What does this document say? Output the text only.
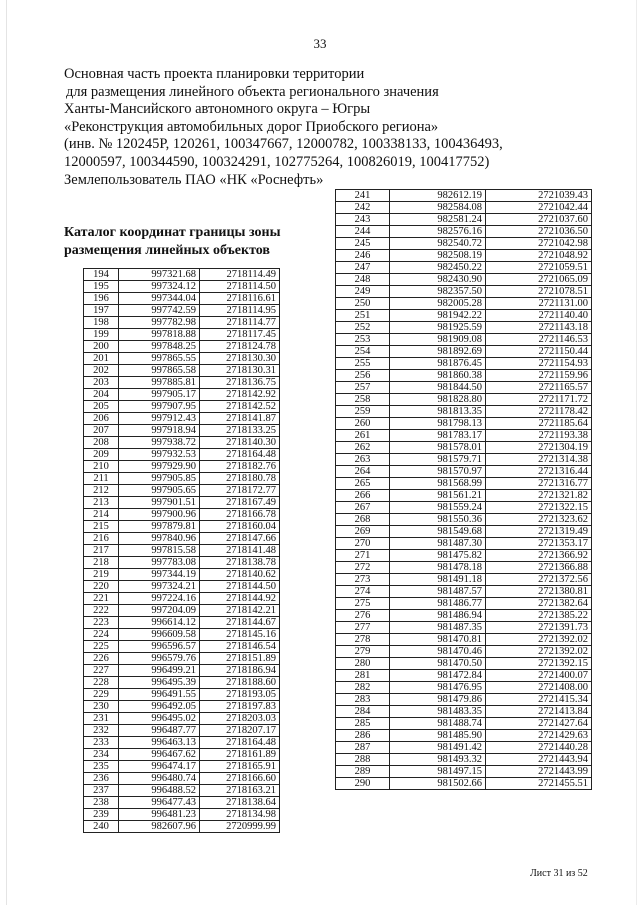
33
Основная часть проекта планировки территории
для размещения линейного объекта регионального значения
Ханты-Мансийского автономного округа – Югры
«Реконструкция автомобильных дорог Приобского региона»
(инв. № 120245Р, 120261, 100347667, 12000782, 100338133, 100436493,
12000597, 100344590, 100324291, 102775264, 100826019, 100417752)
Землепользователь ПАО «НК «Роснефть»
Каталог координат границы зоны
размещения линейных объектов
194	997321.68	2718114.49
195	997324.12	2718114.50
196	997344.04	2718116.61
197	997742.59	2718114.95
198	997782.98	2718114.77
199	997818.88	2718117.45
200	997848.25	2718124.78
201	997865.55	2718130.30
202	997865.58	2718130.31
203	997885.81	2718136.75
204	997905.17	2718142.92
205	997907.95	2718142.52
206	997912.43	2718141.87
207	997918.94	2718133.25
208	997938.72	2718140.30
209	997932.53	2718164.48
210	997929.90	2718182.76
211	997905.85	2718180.78
212	997905.65	2718172.77
213	997901.51	2718167.49
214	997900.96	2718166.78
215	997879.81	2718160.04
216	997840.96	2718147.66
217	997815.58	2718141.48
218	997783.08	2718138.78
219	997344.19	2718140.62
220	997324.21	2718144.50
221	997224.16	2718144.92
222	997204.09	2718142.21
223	996614.12	2718144.67
224	996609.58	2718145.16
225	996596.57	2718146.54
226	996579.76	2718151.89
227	996499.21	2718186.94
228	996495.39	2718188.60
229	996491.55	2718193.05
230	996492.05	2718197.83
231	996495.02	2718203.03
232	996487.77	2718207.17
233	996463.13	2718164.48
234	996467.62	2718161.89
235	996474.17	2718165.91
236	996480.74	2718166.60
237	996488.52	2718163.21
238	996477.43	2718138.64
239	996481.23	2718134.98
240	982607.96	2720999.99
241	982612.19	2721039.43
242	982584.08	2721042.44
243	982581.24	2721037.60
244	982576.16	2721036.50
245	982540.72	2721042.98
246	982508.19	2721048.92
247	982450.22	2721059.51
248	982430.90	2721065.09
249	982357.50	2721078.51
250	982005.28	2721131.00
251	981942.22	2721140.40
252	981925.59	2721143.18
253	981909.08	2721146.53
254	981892.69	2721150.44
255	981876.45	2721154.93
256	981860.38	2721159.96
257	981844.50	2721165.57
258	981828.80	2721171.72
259	981813.35	2721178.42
260	981798.13	2721185.64
261	981783.17	2721193.38
262	981578.01	2721304.19
263	981579.71	2721314.38
264	981570.97	2721316.44
265	981568.99	2721316.77
266	981561.21	2721321.82
267	981559.24	2721322.15
268	981550.36	2721323.62
269	981549.68	2721319.49
270	981487.30	2721353.17
271	981475.82	2721366.92
272	981478.18	2721366.88
273	981491.18	2721372.56
274	981487.57	2721380.81
275	981486.77	2721382.64
276	981486.94	2721385.22
277	981487.35	2721391.73
278	981470.81	2721392.02
279	981470.46	2721392.02
280	981470.50	2721392.15
281	981472.84	2721400.07
282	981476.95	2721408.00
283	981479.86	2721415.34
284	981483.35	2721413.84
285	981488.74	2721427.64
286	981485.90	2721429.63
287	981491.42	2721440.28
288	981493.32	2721443.94
289	981497.15	2721443.99
290	981502.66	2721455.51
Лист 31 из 52
